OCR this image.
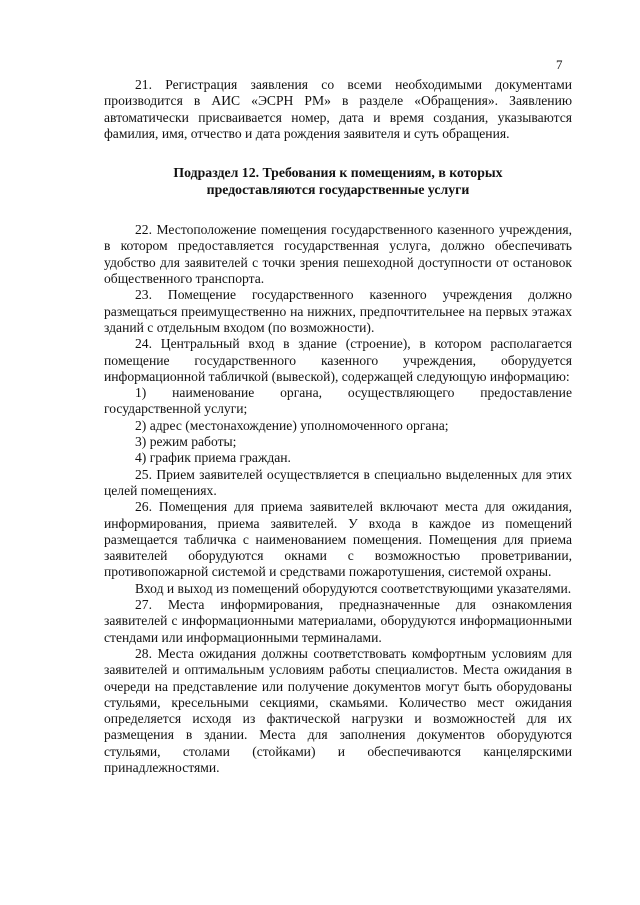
7

21. Регистрация заявления со всеми необходимыми документами производится в АИС «ЭСРН РМ» в разделе «Обращения». Заявлению автоматически присваивается номер, дата и время создания, указываются фамилия, имя, отчество и дата рождения заявителя и суть обращения.

Подраздел 12. Требования к помещениям, в которых
предоставляются государственные услуги

22. Местоположение помещения государственного казенного учреждения, в котором предоставляется государственная услуга, должно обеспечивать удобство для заявителей с точки зрения пешеходной доступности от остановок общественного транспорта.

23. Помещение государственного казенного учреждения должно размещаться преимущественно на нижних, предпочтительнее на первых этажах зданий с отдельным входом (по возможности).

24. Центральный вход в здание (строение), в котором располагается помещение государственного казенного учреждения, оборудуется информационной табличкой (вывеской), содержащей следующую информацию:

1) наименование органа, осуществляющего предоставление государственной услуги;

2) адрес (местонахождение) уполномоченного органа;

3) режим работы;

4) график приема граждан.

25. Прием заявителей осуществляется в специально выделенных для этих целей помещениях.

26. Помещения для приема заявителей включают места для ожидания, информирования, приема заявителей. У входа в каждое из помещений размещается табличка с наименованием помещения. Помещения для приема заявителей оборудуются окнами с возможностью проветривании, противопожарной системой и средствами пожаротушения, системой охраны.

Вход и выход из помещений оборудуются соответствующими указателями.

27. Места информирования, предназначенные для ознакомления заявителей с информационными материалами, оборудуются информационными стендами или информационными терминалами.

28. Места ожидания должны соответствовать комфортным условиям для заявителей и оптимальным условиям работы специалистов. Места ожидания в очереди на представление или получение документов могут быть оборудованы стульями, кресельными секциями, скамьями. Количество мест ожидания определяется исходя из фактической нагрузки и возможностей для их размещения в здании. Места для заполнения документов оборудуются стульями, столами (стойками) и обеспечиваются канцелярскими принадлежностями.
